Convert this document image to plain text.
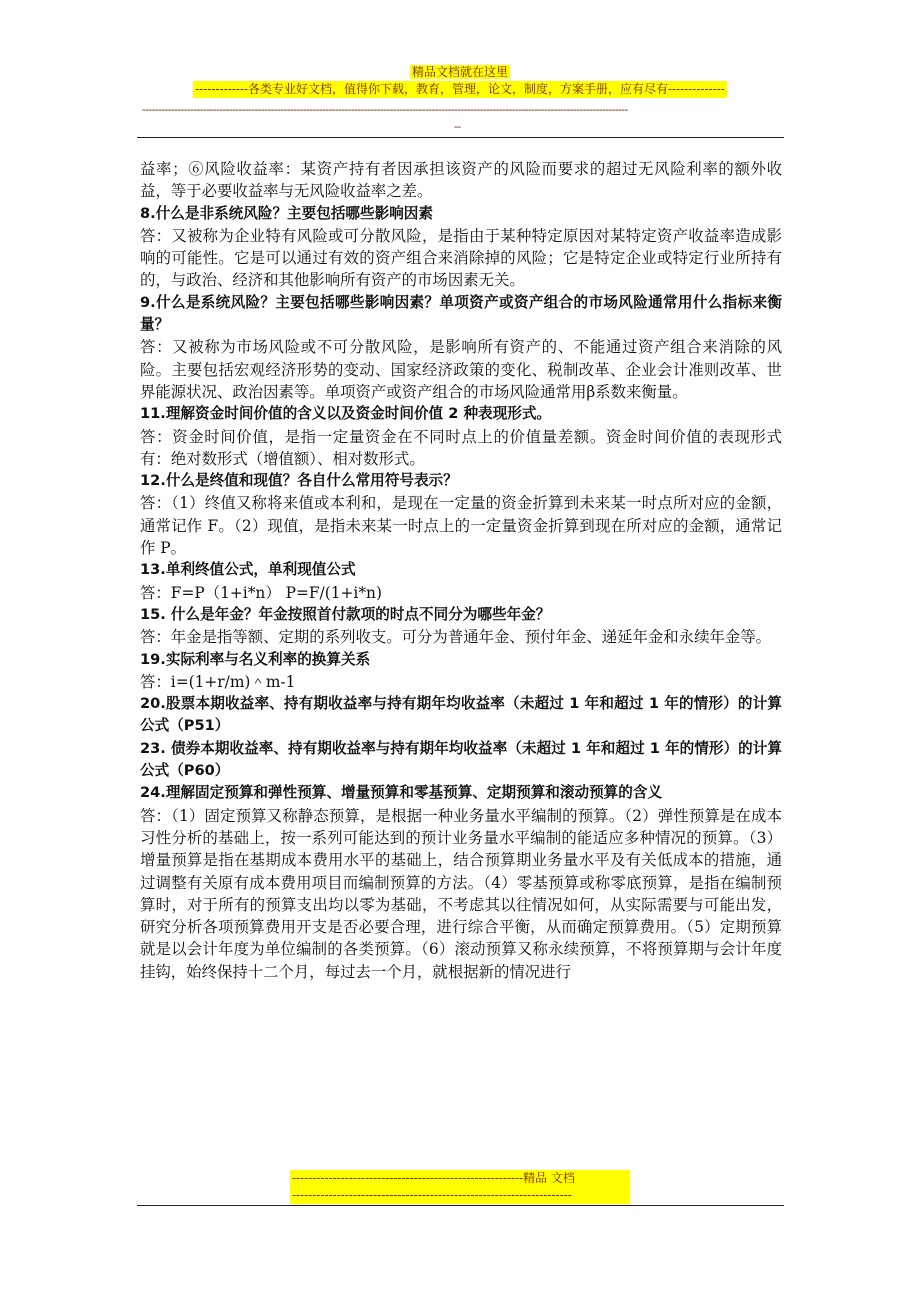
精品文档就在这里
-------------各类专业好文档，值得你下载，教育，管理，论文，制度，方案手册，应有尽有--------------
-------------------------------------------------------------------------------------------------------------------------------------------------------
--

益率；⑥风险收益率：某资产持有者因承担该资产的风险而要求的超过无风险利率的额外收益，等于必要收益率与无风险收益率之差。

8.什么是非系统风险？主要包括哪些影响因素

答：又被称为企业特有风险或可分散风险，是指由于某种特定原因对某特定资产收益率造成影响的可能性。它是可以通过有效的资产组合来消除掉的风险；它是特定企业或特定行业所持有的，与政治、经济和其他影响所有资产的市场因素无关。

9.什么是系统风险？主要包括哪些影响因素？单项资产或资产组合的市场风险通常用什么指标来衡量？

答：又被称为市场风险或不可分散风险，是影响所有资产的、不能通过资产组合来消除的风险。主要包括宏观经济形势的变动、国家经济政策的变化、税制改革、企业会计准则改革、世界能源状况、政治因素等。单项资产或资产组合的市场风险通常用β系数来衡量。

11.理解资金时间价值的含义以及资金时间价值 2 种表现形式。

答：资金时间价值，是指一定量资金在不同时点上的价值量差额。资金时间价值的表现形式有：绝对数形式（增值额）、相对数形式。

12.什么是终值和现值？各自什么常用符号表示？

答：（1）终值又称将来值或本利和，是现在一定量的资金折算到未来某一时点所对应的金额，通常记作 F。（2）现值，是指未来某一时点上的一定量资金折算到现在所对应的金额，通常记作 P。

13.单利终值公式，单利现值公式

答：F=P（1+i*n） P=F/(1+i*n)

15. 什么是年金？年金按照首付款项的时点不同分为哪些年金？

答：年金是指等额、定期的系列收支。可分为普通年金、预付年金、递延年金和永续年金等。

19.实际利率与名义利率的换算关系

答：i=(1+r/m)＾m-1

20.股票本期收益率、持有期收益率与持有期年均收益率（未超过 1 年和超过 1 年的情形）的计算公式（P51）

23. 债券本期收益率、持有期收益率与持有期年均收益率（未超过 1 年和超过 1 年的情形）的计算公式（P60）

24.理解固定预算和弹性预算、增量预算和零基预算、定期预算和滚动预算的含义

答：（1）固定预算又称静态预算，是根据一种业务量水平编制的预算。（2）弹性预算是在成本习性分析的基础上，按一系列可能达到的预计业务量水平编制的能适应多种情况的预算。（3）增量预算是指在基期成本费用水平的基础上，结合预算期业务量水平及有关低成本的措施，通过调整有关原有成本费用项目而编制预算的方法。（4）零基预算或称零底预算，是指在编制预算时，对于所有的预算支出均以零为基础，不考虑其以往情况如何，从实际需要与可能出发，研究分析各项预算费用开支是否必要合理，进行综合平衡，从而确定预算费用。（5）定期预算就是以会计年度为单位编制的各类预算。（6）滚动预算又称永续预算，不将预算期与会计年度挂钩，始终保持十二个月，每过去一个月，就根据新的情况进行

---------------------------------------------------------精品 文档
---------------------------------------------------------------------
